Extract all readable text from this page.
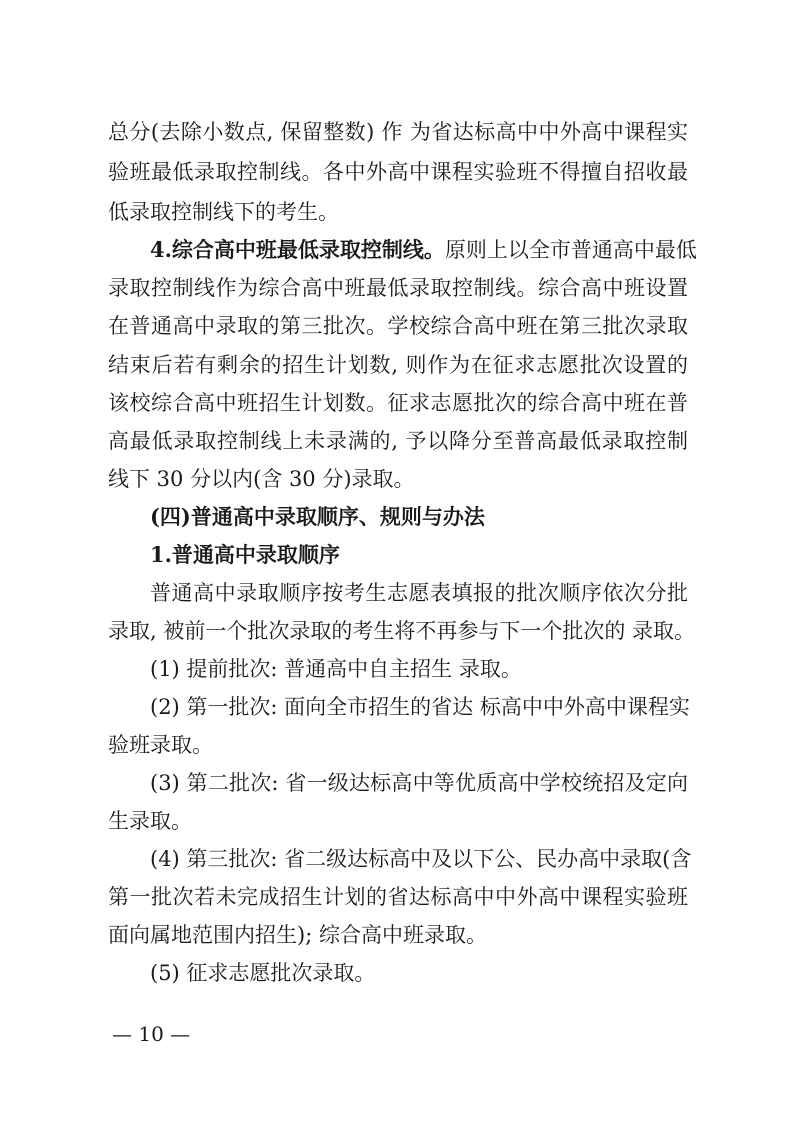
总分(去除小数点, 保留整数) 作 为省达标高中中外高中课程实
验班最低录取控制线。各中外高中课程实验班不得擅自招收最
低录取控制线下的考生。
4.综合高中班最低录取控制线。原则上以全市普通高中最低
录取控制线作为综合高中班最低录取控制线。综合高中班设置
在普通高中录取的第三批次。学校综合高中班在第三批次录取
结束后若有剩余的招生计划数, 则作为在征求志愿批次设置的
该校综合高中班招生计划数。征求志愿批次的综合高中班在普
高最低录取控制线上未录满的, 予以降分至普高最低录取控制
线下 30 分以内(含 30 分)录取。
(四)普通高中录取顺序、规则与办法
1.普通高中录取顺序
普通高中录取顺序按考生志愿表填报的批次顺序依次分批
录取, 被前一个批次录取的考生将不再参与下一个批次的 录取。
(1) 提前批次: 普通高中自主招生 录取。
(2) 第一批次: 面向全市招生的省达 标高中中外高中课程实
验班录取。
(3) 第二批次: 省一级达标高中等优质高中学校统招及定向
生录取。
(4) 第三批次: 省二级达标高中及以下公、民办高中录取(含
第一批次若未完成招生计划的省达标高中中外高中课程实验班
面向属地范围内招生); 综合高中班录取。
(5) 征求志愿批次录取。
— 10 —
